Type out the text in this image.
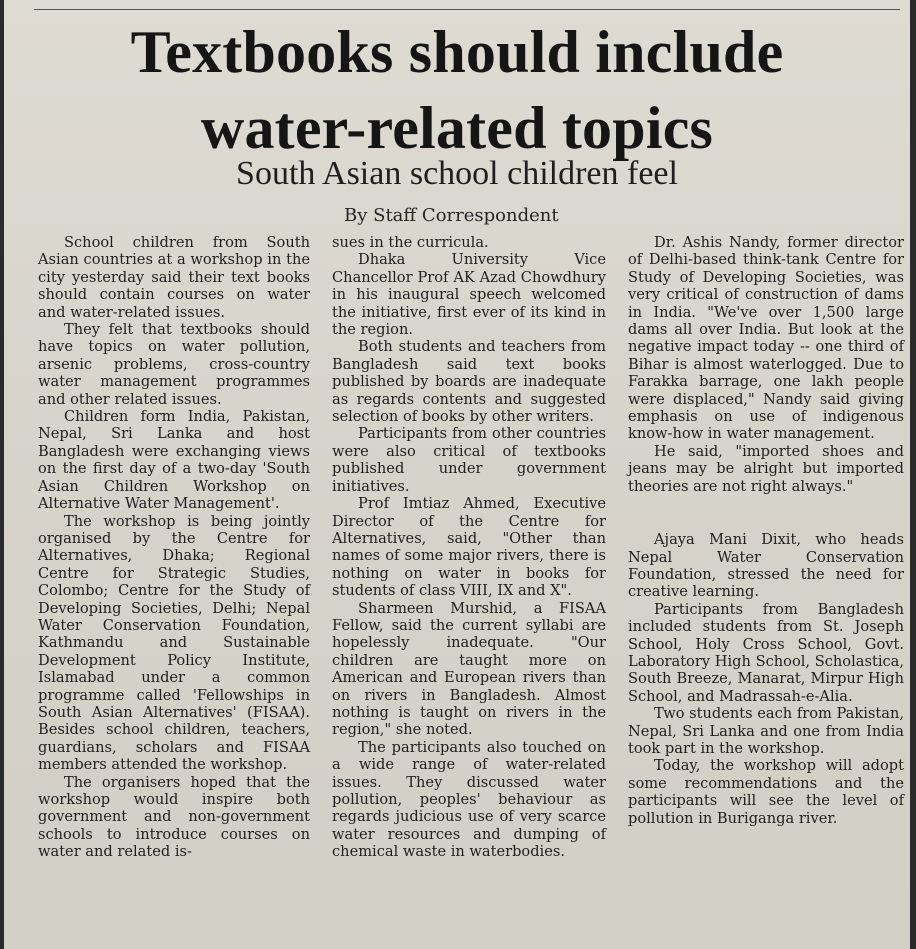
Textbooks should include
water-related topics
South Asian school children feel
By Staff Correspondent

School children from South Asian countries at a workshop in the city yesterday said their text books should contain courses on water and water-related issues.

They felt that textbooks should have topics on water pollution, arsenic problems, cross-country water management programmes and other related issues.

Children form India, Pakistan, Nepal, Sri Lanka and host Bangladesh were exchanging views on the first day of a two-day 'South Asian Children Workshop on Alternative Water Management'.

The workshop is being jointly organised by the Centre for Alternatives, Dhaka; Regional Centre for Strategic Studies, Colombo; Centre for the Study of Developing Societies, Delhi; Nepal Water Conservation Foundation, Kathmandu and Sustainable Development Policy Institute, Islamabad under a common programme called 'Fellowships in South Asian Alternatives' (FISAA). Besides school children, teachers, guardians, scholars and FISAA members attended the workshop.

The organisers hoped that the workshop would inspire both government and non-government schools to introduce courses on water and related is-

sues in the curricula.

Dhaka University Vice Chancellor Prof AK Azad Chowdhury in his inaugural speech welcomed the initiative, first ever of its kind in the region.

Both students and teachers from Bangladesh said text books published by boards are inadequate as regards contents and suggested selection of books by other writers.

Participants from other countries were also critical of textbooks published under government initiatives.

Prof Imtiaz Ahmed, Executive Director of the Centre for Alternatives, said, "Other than names of some major rivers, there is nothing on water in books for students of class VIII, IX and X".

Sharmeen Murshid, a FISAA Fellow, said the current syllabi are hopelessly inadequate. "Our children are taught more on American and European rivers than on rivers in Bangladesh. Almost nothing is taught on rivers in the region," she noted.

The participants also touched on a wide range of water-related issues. They discussed water pollution, peoples' behaviour as regards judicious use of very scarce water resources and dumping of chemical waste in waterbodies.

Dr. Ashis Nandy, former director of Delhi-based think-tank Centre for Study of Developing Societies, was very critical of construction of dams in India. "We've over 1,500 large dams all over India. But look at the negative impact today -- one third of Bihar is almost waterlogged. Due to Farakka barrage, one lakh people were displaced," Nandy said giving emphasis on use of indigenous know-how in water management.

He said, "imported shoes and jeans may be alright but imported theories are not right always."

Ajaya Mani Dixit, who heads Nepal Water Conservation Foundation, stressed the need for creative learning.

Participants from Bangladesh included students from St. Joseph School, Holy Cross School, Govt. Laboratory High School, Scholastica, South Breeze, Manarat, Mirpur High School, and Madrassah-e-Alia.

Two students each from Pakistan, Nepal, Sri Lanka and one from India took part in the workshop.

Today, the workshop will adopt some recommendations and the participants will see the level of pollution in Buriganga river.
